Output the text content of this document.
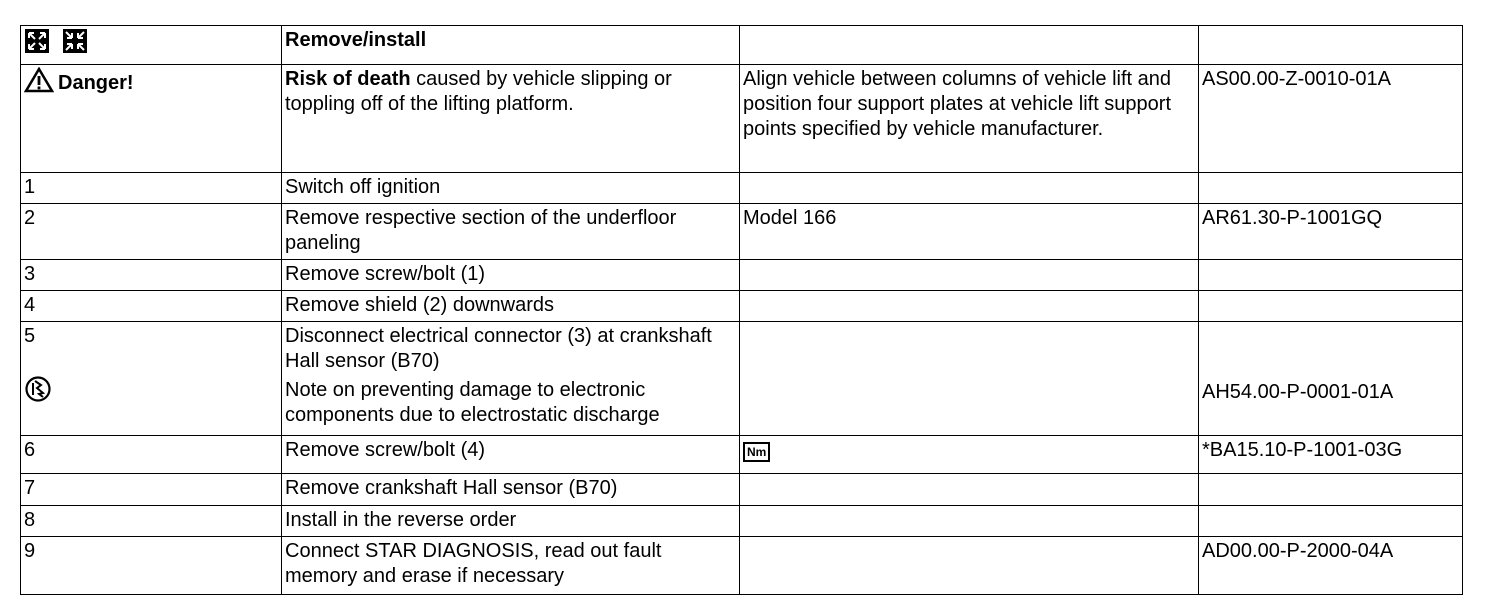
	Remove/install		
Danger!	Risk of death caused by vehicle slipping or toppling off of the lifting platform.	Align vehicle between columns of vehicle lift and position four support plates at vehicle lift support points specified by vehicle manufacturer.	AS00.00-Z-0010-01A
1	Switch off ignition		
2	Remove respective section of the underfloor paneling	Model 166	AR61.30-P-1001GQ
3	Remove screw/bolt (1)		
4	Remove shield (2) downwards		

5	Disconnect electrical connector (3) at crankshaft Hall sensor (B70)
Note on preventing damage to electronic components due to electrostatic discharge		AH54.00-P-0001-01A

6	Remove screw/bolt (4)	Nm	*BA15.10-P-1001-03G
7	Remove crankshaft Hall sensor (B70)		
8	Install in the reverse order		
9	Connect STAR DIAGNOSIS, read out fault memory and erase if necessary		AD00.00-P-2000-04A
